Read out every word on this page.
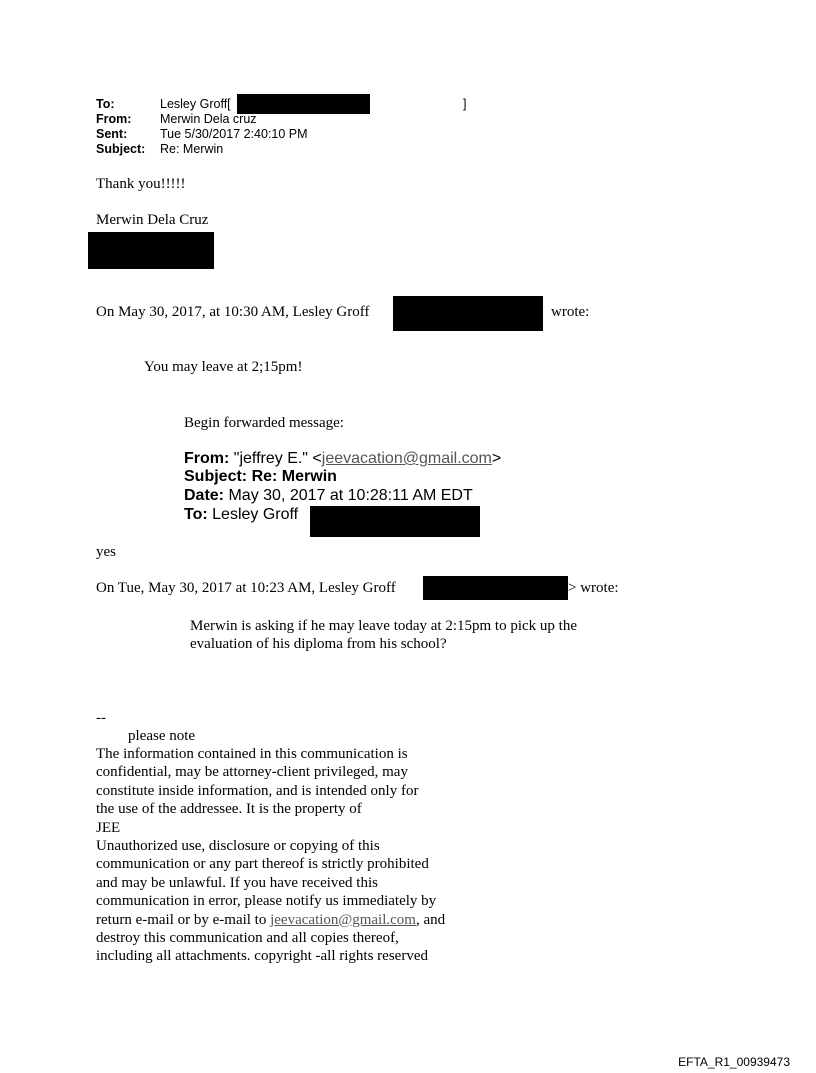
To:	Lesley Groff[	]
From: Merwin Dela cruz
Sent:	Tue 5/30/2017 2:40:10 PM
Subject: Re: Merwin
Thank you!!!!!
Merwin Dela Cruz
On May 30, 2017, at 10:30 AM, Lesley Groff	wrote:
You may leave at 2;15pm!
Begin forwarded message:
From: "jeffrey E." <jeevacation@gmail.com>
Subject: Re: Merwin
Date: May 30, 2017 at 10:28:11 AM EDT
To: Lesley Groff
yes
On Tue, May 30, 2017 at 10:23 AM, Lesley Groff	> wrote:
Merwin is asking if he may leave today at 2:15pm to pick up the
evaluation of his diploma from his school?
--
please note
The information contained in this communication is
confidential, may be attorney-client privileged, may
constitute inside information, and is intended only for
the use of the addressee. It is the property of
JEE
Unauthorized use, disclosure or copying of this
communication or any part thereof is strictly prohibited
and may be unlawful. If you have received this
communication in error, please notify us immediately by
return e-mail or by e-mail to jeevacation@gmail.com, and
destroy this communication and all copies thereof,
including all attachments. copyright -all rights reserved
EFTA_R1_00939473
